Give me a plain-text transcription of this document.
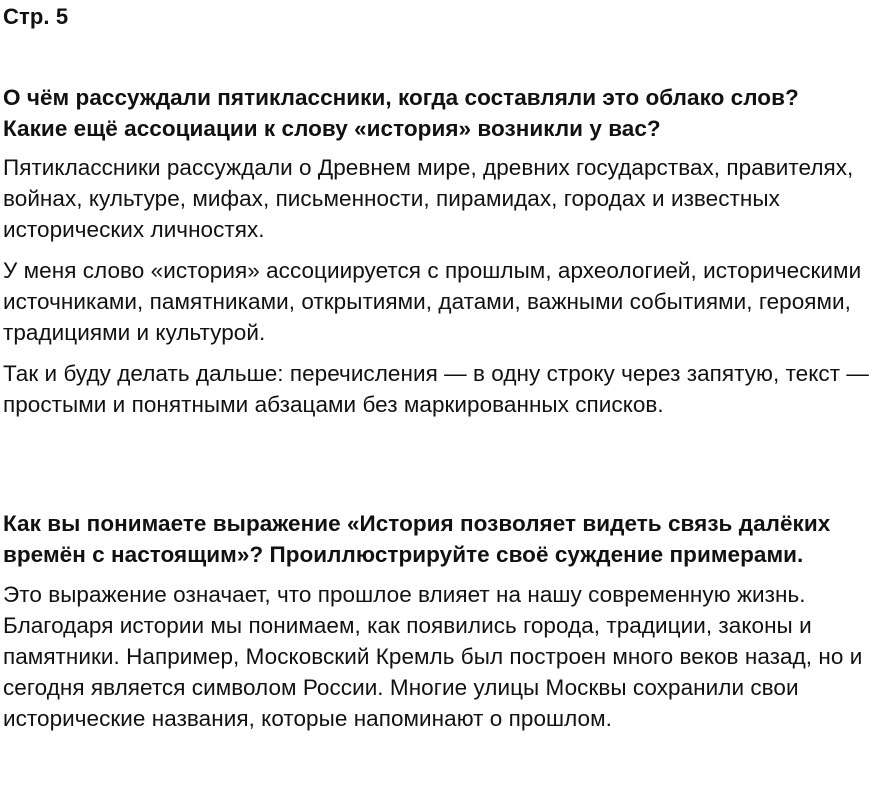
Стр. 5
О чём рассуждали пятиклассники, когда составляли это облако слов? Какие ещё ассоциации к слову «история» возникли у вас?

Пятиклассники рассуждали о Древнем мире, древних государствах, правителях, войнах, культуре, мифах, письменности, пирамидах, городах и известных исторических личностях.

У меня слово «история» ассоциируется с прошлым, археологией, историческими источниками, памятниками, открытиями, датами, важными событиями, героями, традициями и культурой.

Так и буду делать дальше: перечисления — в одну строку через запятую, текст — простыми и понятными абзацами без маркированных списков.

Как вы понимаете выражение «История позволяет видеть связь далёких времён с настоящим»? Проиллюстрируйте своё суждение примерами.

Это выражение означает, что прошлое влияет на нашу современную жизнь. Благодаря истории мы понимаем, как появились города, традиции, законы и памятники. Например, Московский Кремль был построен много веков назад, но и сегодня является символом России. Многие улицы Москвы сохранили свои исторические названия, которые напоминают о прошлом.
